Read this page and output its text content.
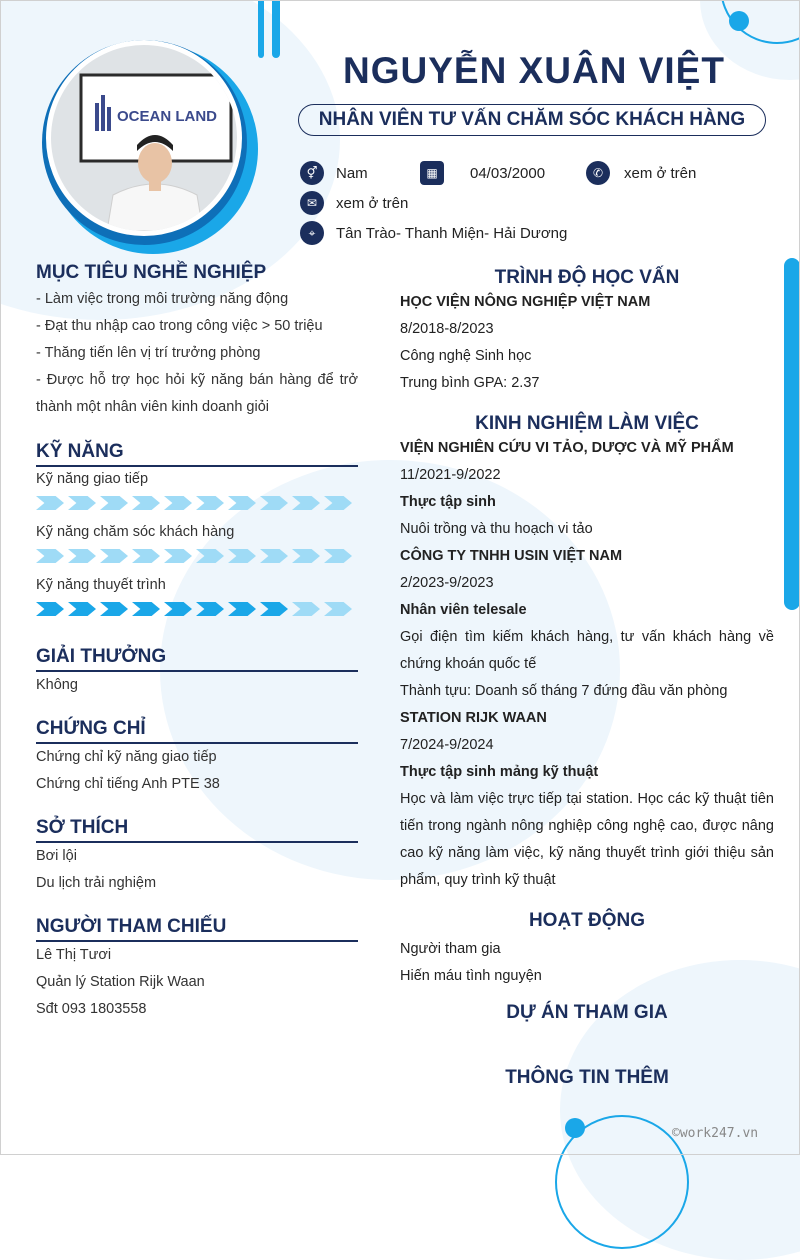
OCEAN LAND
NGUYỄN XUÂN VIỆT
NHÂN VIÊN TƯ VẤN CHĂM SÓC KHÁCH HÀNG
⚥	Nam	▦	04/03/2000	✆	xem ở trên
✉	xem ở trên
⌖	Tân Trào- Thanh Miện- Hải Dương
MỤC TIÊU NGHỀ NGHIỆP
- Làm việc trong môi trường năng động
- Đạt thu nhập cao trong công việc > 50 triệu
- Thăng tiến lên vị trí trưởng phòng
- Được hỗ trợ học hỏi kỹ năng bán hàng để trở thành một nhân viên kinh doanh giỏi
KỸ NĂNG
Kỹ năng giao tiếp
Kỹ năng chăm sóc khách hàng
Kỹ năng thuyết trình
GIẢI THƯỞNG
Không
CHỨNG CHỈ
Chứng chỉ kỹ năng giao tiếp
Chứng chỉ tiếng Anh PTE 38
SỞ THÍCH
Bơi lội
Du lịch trải nghiệm
NGƯỜI THAM CHIẾU
Lê Thị Tươi
Quản lý Station Rijk Waan
Sđt 093 1803558
TRÌNH ĐỘ HỌC VẤN
HỌC VIỆN NÔNG NGHIỆP VIỆT NAM
8/2018-8/2023
Công nghệ Sinh học
Trung bình GPA: 2.37
KINH NGHIỆM LÀM VIỆC
VIỆN NGHIÊN CỨU VI TẢO, DƯỢC VÀ MỸ PHẨM
11/2021-9/2022
Thực tập sinh
Nuôi trồng và thu hoạch vi tảo
CÔNG TY TNHH USIN VIỆT NAM
2/2023-9/2023
Nhân viên telesale
Gọi điện tìm kiếm khách hàng, tư vấn khách hàng về chứng khoán quốc tế
Thành tựu: Doanh số tháng 7 đứng đầu văn phòng
STATION RIJK WAAN
7/2024-9/2024
Thực tập sinh mảng kỹ thuật
Học và làm việc trực tiếp tại station. Học các kỹ thuật tiên tiến trong ngành nông nghiệp công nghệ cao, được nâng cao kỹ năng làm việc, kỹ năng thuyết trình giới thiệu sản phẩm, quy trình kỹ thuật
HOẠT ĐỘNG
Người tham gia
Hiến máu tình nguyện
DỰ ÁN THAM GIA
THÔNG TIN THÊM
©work247.vn
